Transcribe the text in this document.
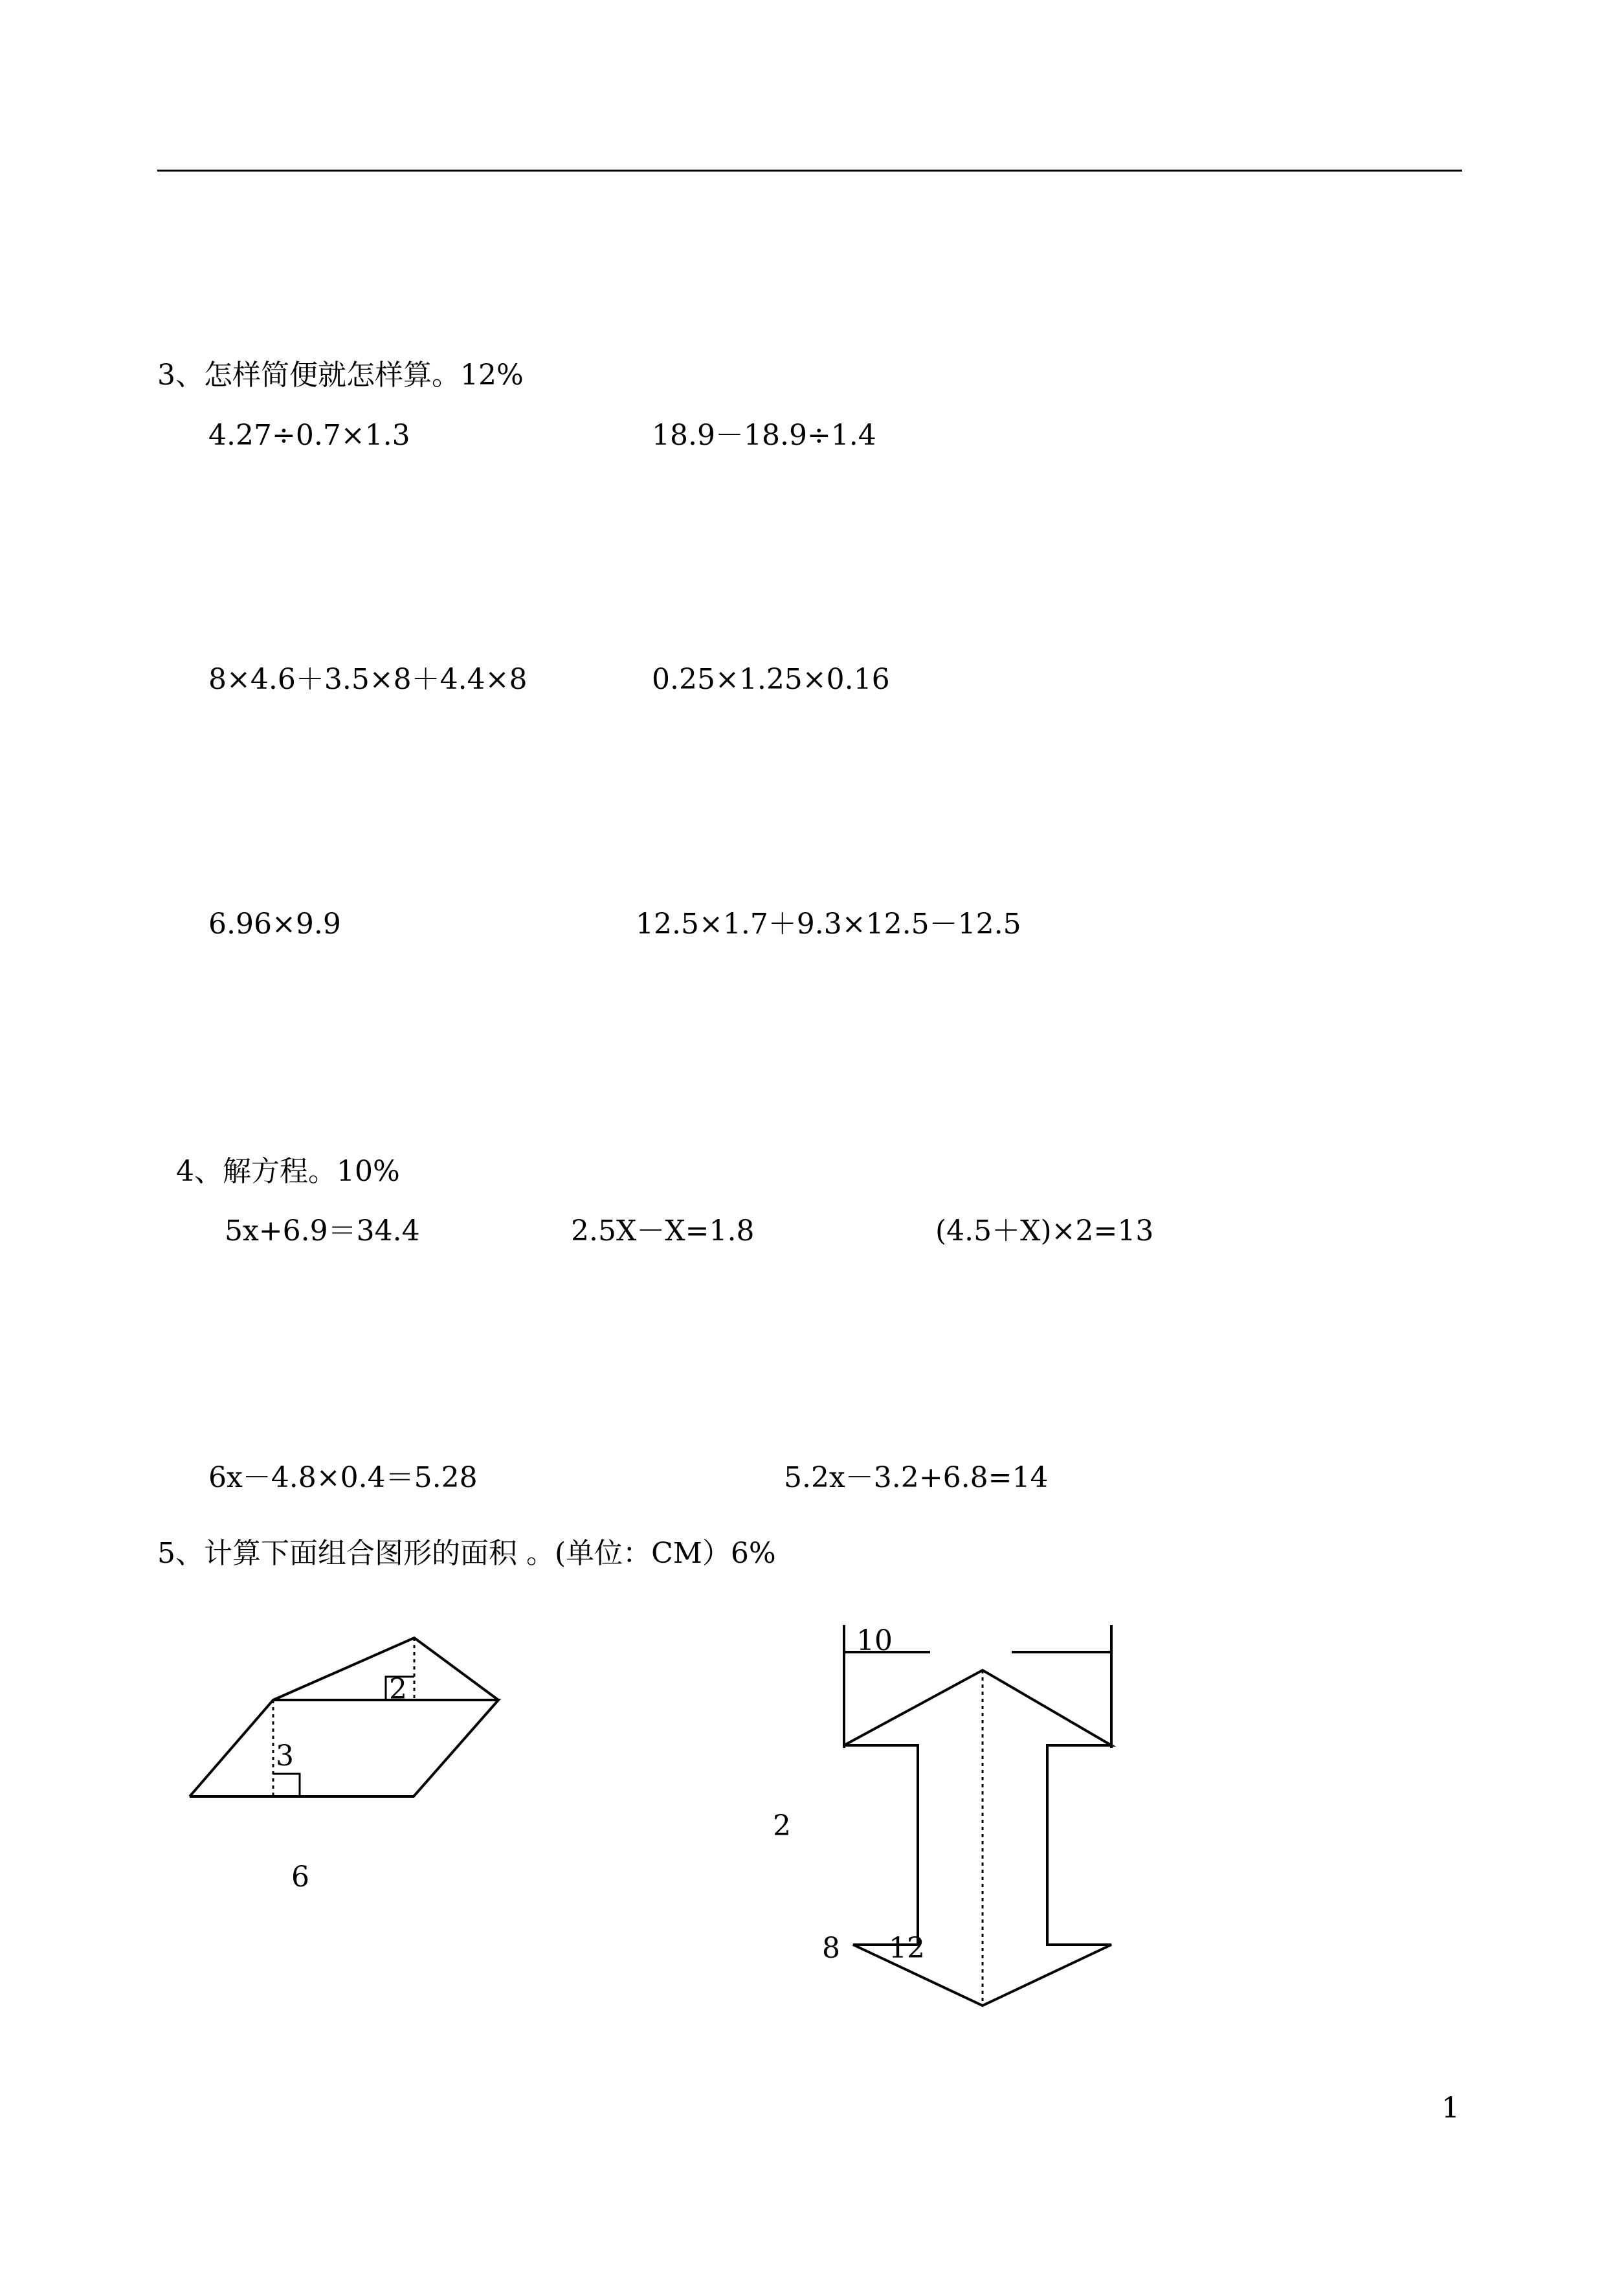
3、怎样简便就怎样算。12%
4.27÷0.7×1.3	18.9－18.9÷1.4
8×4.6＋3.5×8＋4.4×8	0.25×1.25×0.16
6.96×9.9	12.5×1.7＋9.3×12.5－12.5
4、解方程。10%
5x+6.9＝34.4	2.5X－X=1.8	(4.5＋X)×2=13
6x－4.8×0.4＝5.28	5.2x－3.2+6.8=14
5、计算下面组合图形的面积 。(单位：CM）6%
2
3
6
10
2
8 12
1
